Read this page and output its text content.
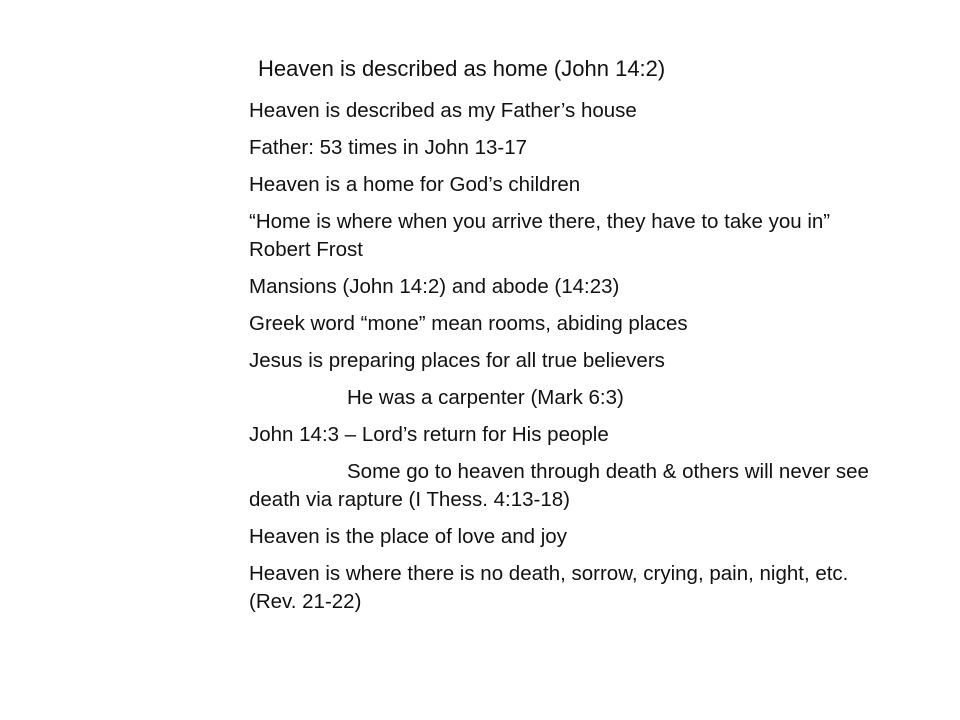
Heaven is described as home (John 14:2)

Heaven is described as my Father’s house

Father: 53 times in John 13-17

Heaven is a home for God’s children

“Home is where when you arrive there, they have to take you in” Robert Frost

Mansions (John 14:2) and abode (14:23)

Greek word “mone” mean rooms, abiding places

Jesus is preparing places for all true believers

He was a carpenter (Mark 6:3)

John 14:3 – Lord’s return for His people

Some go to heaven through death & others will never see death via rapture (I Thess. 4:13-18)

Heaven is the place of love and joy

Heaven is where there is no death, sorrow, crying, pain, night, etc. (Rev. 21-22)
